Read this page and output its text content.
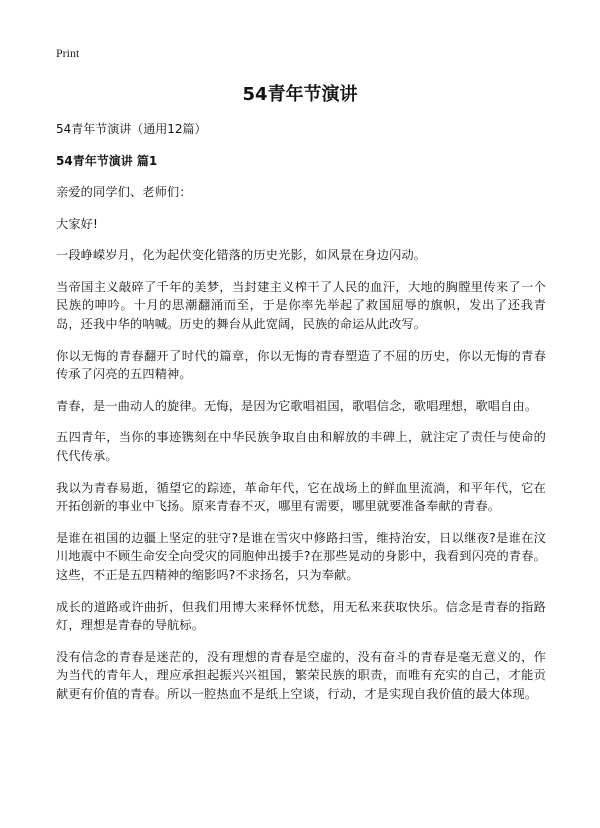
Print
54青年节演讲

54青年节演讲（通用12篇）

54青年节演讲 篇1

亲爱的同学们、老师们：

大家好!

一段峥嵘岁月，化为起伏变化错落的历史光影，如风景在身边闪动。

当帝国主义敲碎了千年的美梦，当封建主义榨干了人民的血汗，大地的胸膛里传来了一个民族的呻吟。十月的思潮翻涌而至，于是你率先举起了救国屈辱的旗帜，发出了还我青岛，还我中华的呐喊。历史的舞台从此宽阔，民族的命运从此改写。

你以无悔的青春翻开了时代的篇章，你以无悔的青春塑造了不屈的历史，你以无悔的青春传承了闪亮的五四精神。

青春，是一曲动人的旋律。无悔，是因为它歌唱祖国，歌唱信念，歌唱理想，歌唱自由。

五四青年，当你的事迹镌刻在中华民族争取自由和解放的丰碑上，就注定了责任与使命的代代传承。

我以为青春易逝，循望它的踪迹，革命年代，它在战场上的鲜血里流淌，和平年代，它在开拓创新的事业中飞扬。原来青春不灭，哪里有需要，哪里就要准备奉献的青春。

是谁在祖国的边疆上坚定的驻守?是谁在雪灾中修路扫雪，维持治安，日以继夜?是谁在汶川地震中不顾生命安全向受灾的同胞伸出援手?在那些晃动的身影中，我看到闪亮的青春。这些，不正是五四精神的缩影吗?不求扬名，只为奉献。

成长的道路或许曲折，但我们用博大来释怀忧愁，用无私来获取快乐。信念是青春的指路灯，理想是青春的导航标。

没有信念的青春是迷茫的，没有理想的青春是空虚的，没有奋斗的青春是毫无意义的，作为当代的青年人，理应承担起振兴兴祖国，繁荣民族的职责，而唯有充实的自己，才能贡献更有价值的青春。所以一腔热血不是纸上空谈，行动，才是实现自我价值的最大体现。
